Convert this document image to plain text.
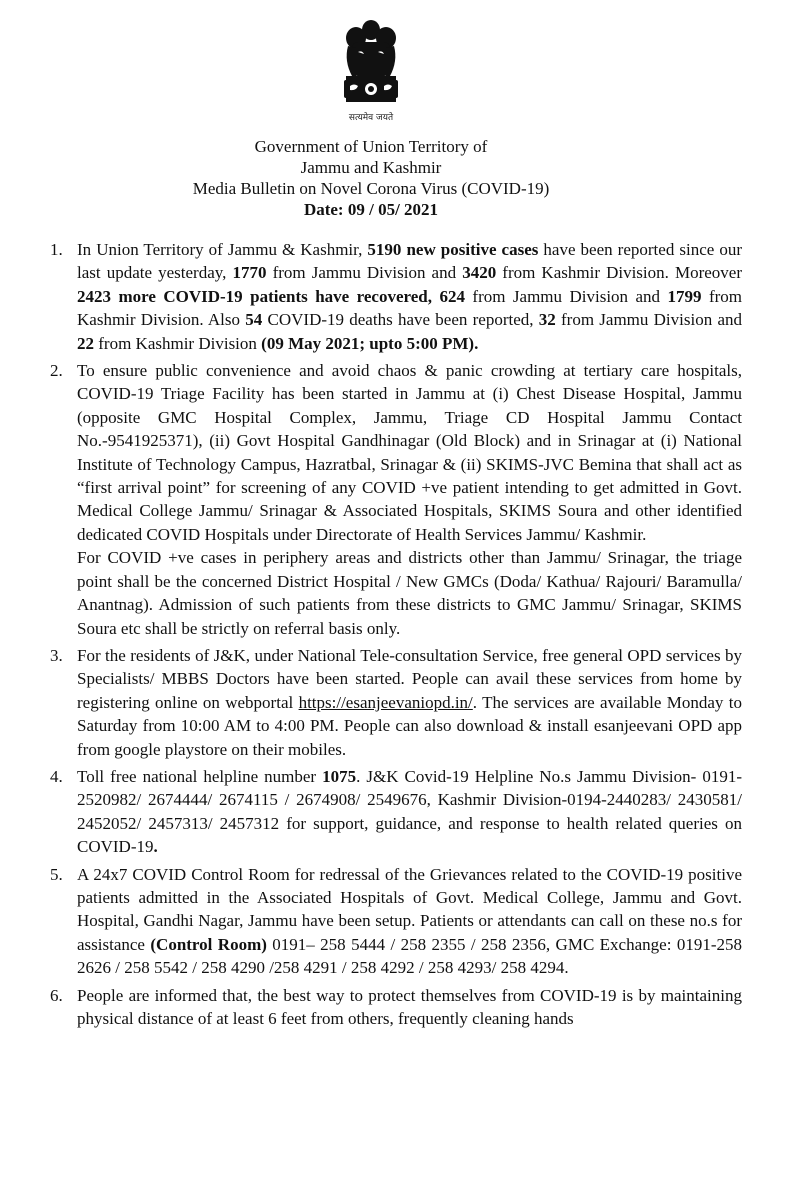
सत्यमेव जयते
Government of Union Territory of
Jammu and Kashmir
Media Bulletin on Novel Corona Virus (COVID-19)
Date: 09 / 05/ 2021
1. In Union Territory of Jammu & Kashmir, 5190 new positive cases have been reported since our last update yesterday, 1770 from Jammu Division and 3420 from Kashmir Division. Moreover 2423 more COVID-19 patients have recovered, 624 from Jammu Division and 1799 from Kashmir Division. Also 54 COVID-19 deaths have been reported, 32 from Jammu Division and 22 from Kashmir Division (09 May 2021; upto 5:00 PM).

2. To ensure public convenience and avoid chaos & panic crowding at tertiary care hospitals, COVID-19 Triage Facility has been started in Jammu at (i) Chest Disease Hospital, Jammu (opposite GMC Hospital Complex, Jammu, Triage CD Hospital Jammu Contact No.-9541925371), (ii) Govt Hospital Gandhinagar (Old Block) and in Srinagar at (i) National Institute of Technology Campus, Hazratbal, Srinagar & (ii) SKIMS-JVC Bemina that shall act as “first arrival point” for screening of any COVID +ve patient intending to get admitted in Govt. Medical College Jammu/ Srinagar & Associated Hospitals, SKIMS Soura and other identified dedicated COVID Hospitals under Directorate of Health Services Jammu/ Kashmir.

For COVID +ve cases in periphery areas and districts other than Jammu/ Srinagar, the triage point shall be the concerned District Hospital / New GMCs (Doda/ Kathua/ Rajouri/ Baramulla/ Anantnag). Admission of such patients from these districts to GMC Jammu/ Srinagar, SKIMS Soura etc shall be strictly on referral basis only.

3. For the residents of J&K, under National Tele-consultation Service, free general OPD services by Specialists/ MBBS Doctors have been started. People can avail these services from home by registering online on webportal https://esanjeevaniopd.in/. The services are available Monday to Saturday from 10:00 AM to 4:00 PM. People can also download & install esanjeevani OPD app from google playstore on their mobiles.

4. Toll free national helpline number 1075. J&K Covid-19 Helpline No.s Jammu Division- 0191-2520982/ 2674444/ 2674115 / 2674908/ 2549676, Kashmir Division-0194-2440283/ 2430581/ 2452052/ 2457313/ 2457312 for support, guidance, and response to health related queries on COVID-19.

5. A 24x7 COVID Control Room for redressal of the Grievances related to the COVID-19 positive patients admitted in the Associated Hospitals of Govt. Medical College, Jammu and Govt. Hospital, Gandhi Nagar, Jammu have been setup. Patients or attendants can call on these no.s for assistance (Control Room) 0191– 258 5444 / 258 2355 / 258 2356, GMC Exchange: 0191-258 2626 / 258 5542 / 258 4290 /258 4291 / 258 4292 / 258 4293/ 258 4294.

6. People are informed that, the best way to protect themselves from COVID-19 is by maintaining physical distance of at least 6 feet from others, frequently cleaning hands
